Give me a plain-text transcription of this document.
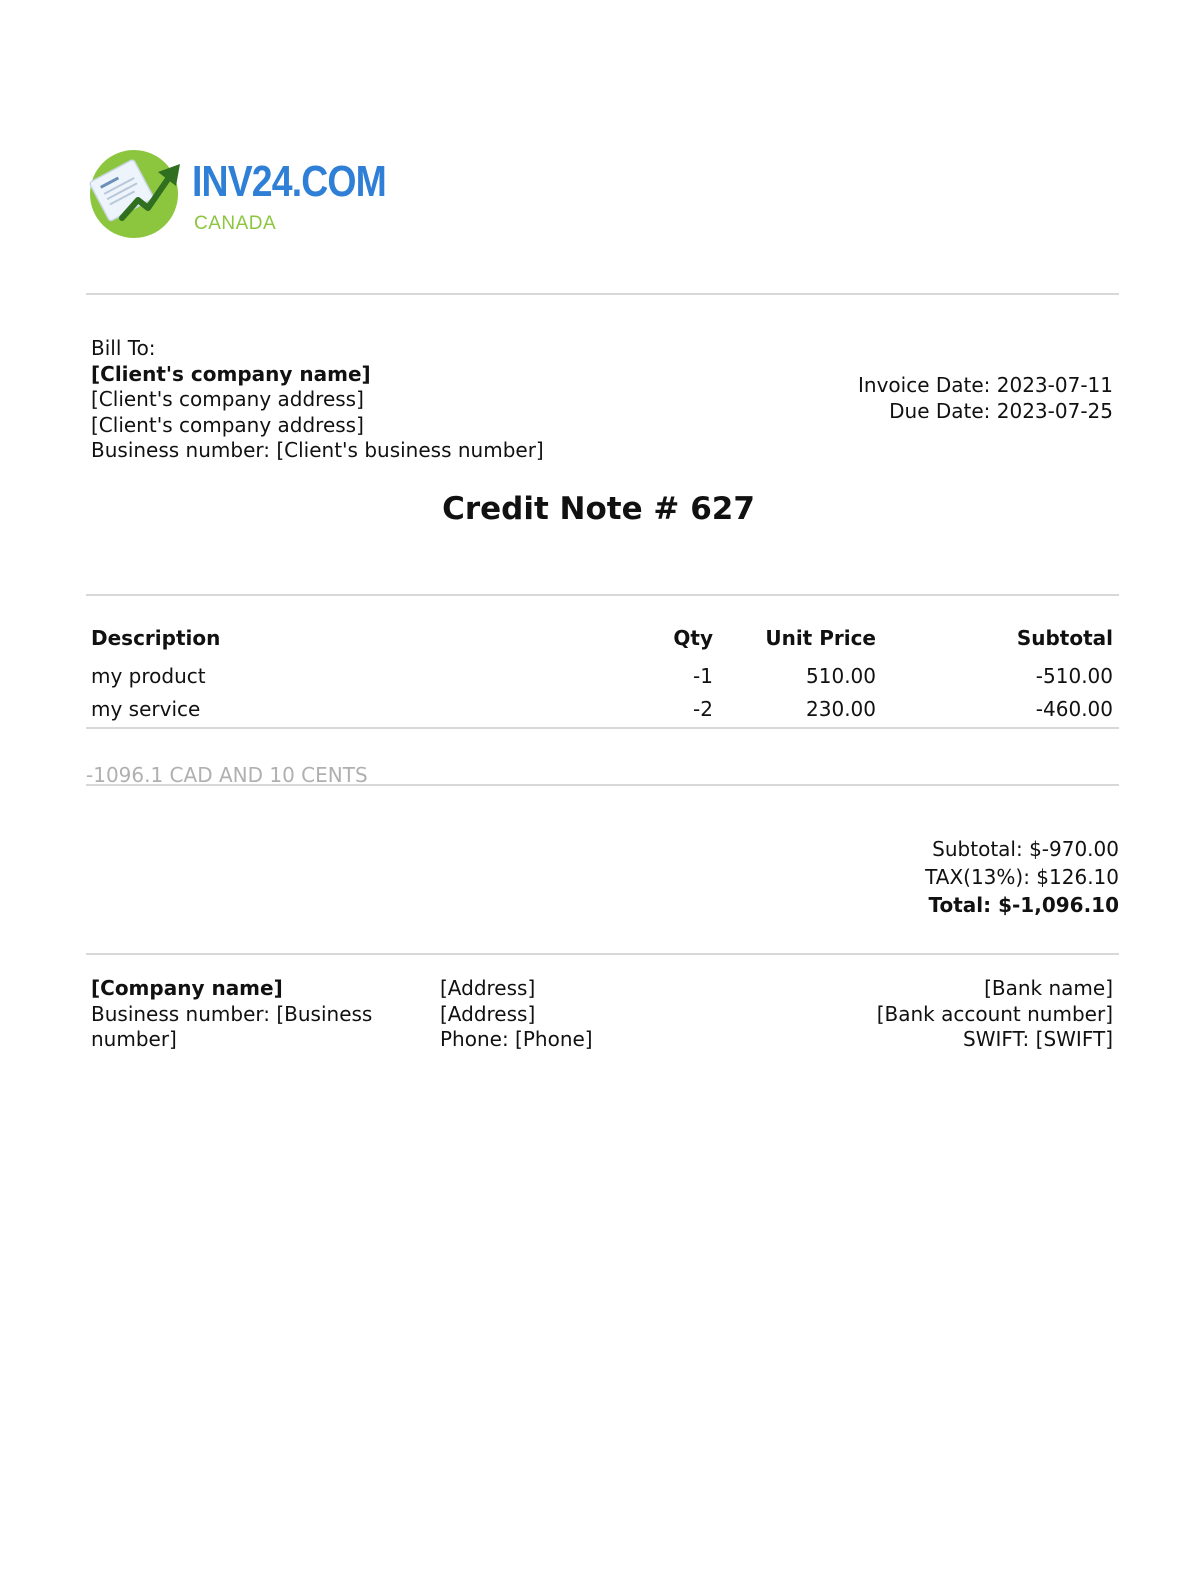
INV24.COM
CANADA
Bill To:
[Client's company name]
[Client's company address]
[Client's company address]
Business number: [Client's business number]
Invoice Date: 2023-07-11
Due Date: 2023-07-25
Credit Note # 627
Description	Qty	Unit Price	Subtotal
my product	-1	510.00	-510.00
my service	-2	230.00	-460.00
-1096.1 CAD AND 10 CENTS
Subtotal: $-970.00
TAX(13%): $126.10
Total: $-1,096.10
[Company name]
Business number: [Business number]
[Address]
[Address]
Phone: [Phone]
[Bank name]
[Bank account number]
SWIFT: [SWIFT]
